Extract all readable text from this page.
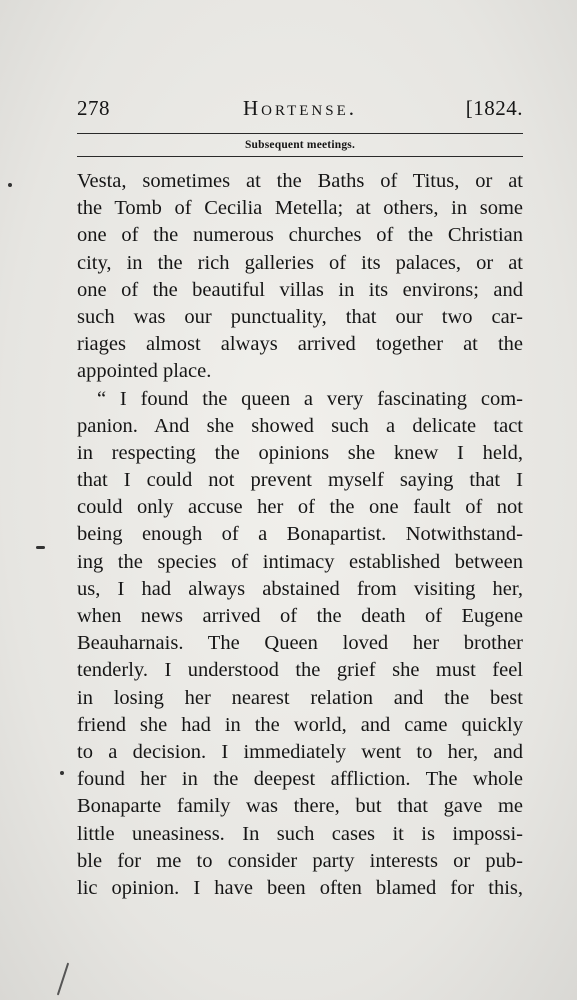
278	Hortense.	[1824.
Subsequent meetings.
Vesta, sometimes at the Baths of Titus, or at
the Tomb of Cecilia Metella; at others, in some
one of the numerous churches of the Christian
city, in the rich galleries of its palaces, or at
one of the beautiful villas in its environs; and
such was our punctuality, that our two car-
riages almost always arrived together at the
appointed place.
“ I found the queen a very fascinating com-
panion. And she showed such a delicate tact
in respecting the opinions she knew I held,
that I could not prevent myself saying that I
could only accuse her of the one fault of not
being enough of a Bonapartist. Notwithstand-
ing the species of intimacy established between
us, I had always abstained from visiting her,
when news arrived of the death of Eugene
Beauharnais. The Queen loved her brother
tenderly. I understood the grief she must feel
in losing her nearest relation and the best
friend she had in the world, and came quickly
to a decision. I immediately went to her, and
found her in the deepest affliction. The whole
Bonaparte family was there, but that gave me
little uneasiness. In such cases it is impossi-
ble for me to consider party interests or pub-
lic opinion. I have been often blamed for this,
